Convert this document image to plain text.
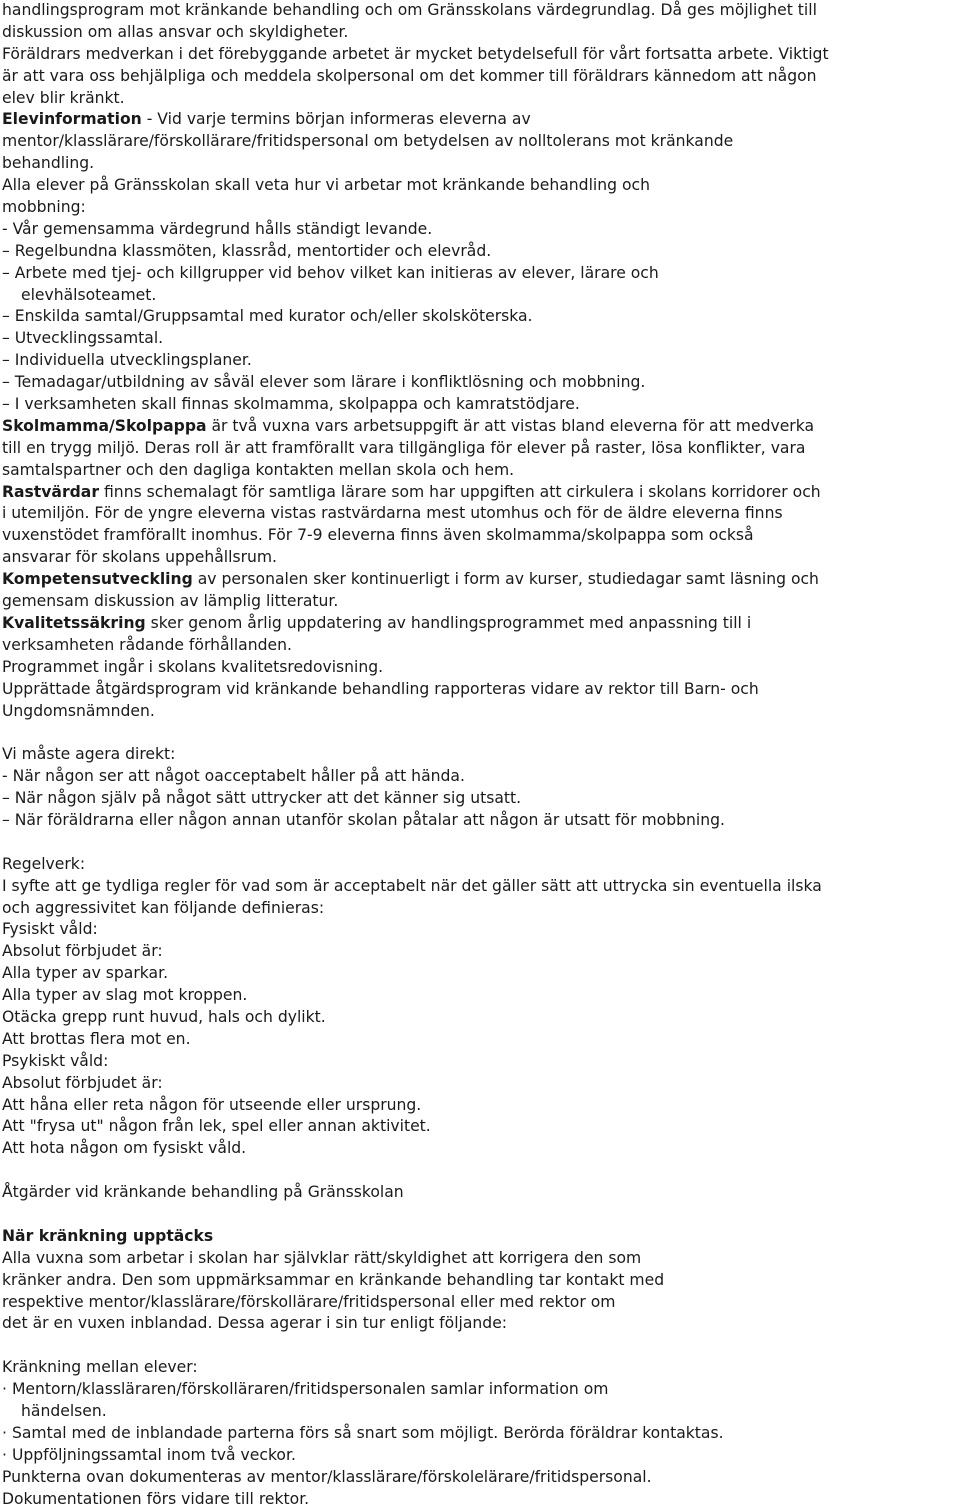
handlingsprogram mot kränkande behandling och om Gränsskolans värdegrundlag. Då ges möjlighet till
diskussion om allas ansvar och skyldigheter.
Föräldrars medverkan i det förebyggande arbetet är mycket betydelsefull för vårt fortsatta arbete. Viktigt
är att vara oss behjälpliga och meddela skolpersonal om det kommer till föräldrars kännedom att någon
elev blir kränkt.
Elevinformation - Vid varje termins början informeras eleverna av
mentor/klasslärare/förskollärare/fritidspersonal om betydelsen av nolltolerans mot kränkande
behandling.
Alla elever på Gränsskolan skall veta hur vi arbetar mot kränkande behandling och
mobbning:
- Vår gemensamma värdegrund hålls ständigt levande.
– Regelbundna klassmöten, klassråd, mentortider och elevråd.
– Arbete med tjej- och killgrupper vid behov vilket kan initieras av elever, lärare och
elevhälsoteamet.
– Enskilda samtal/Gruppsamtal med kurator och/eller skolsköterska.
– Utvecklingssamtal.
– Individuella utvecklingsplaner.
– Temadagar/utbildning av såväl elever som lärare i konfliktlösning och mobbning.
– I verksamheten skall finnas skolmamma, skolpappa och kamratstödjare.
Skolmamma/Skolpappa är två vuxna vars arbetsuppgift är att vistas bland eleverna för att medverka
till en trygg miljö. Deras roll är att framförallt vara tillgängliga för elever på raster, lösa konflikter, vara
samtalspartner och den dagliga kontakten mellan skola och hem.
Rastvärdar finns schemalagt för samtliga lärare som har uppgiften att cirkulera i skolans korridorer och
i utemiljön. För de yngre eleverna vistas rastvärdarna mest utomhus och för de äldre eleverna finns
vuxenstödet framförallt inomhus. För 7-9 eleverna finns även skolmamma/skolpappa som också
ansvarar för skolans uppehållsrum.
Kompetensutveckling av personalen sker kontinuerligt i form av kurser, studiedagar samt läsning och
gemensam diskussion av lämplig litteratur.
Kvalitetssäkring sker genom årlig uppdatering av handlingsprogrammet med anpassning till i
verksamheten rådande förhållanden.
Programmet ingår i skolans kvalitetsredovisning.
Upprättade åtgärdsprogram vid kränkande behandling rapporteras vidare av rektor till Barn- och
Ungdomsnämnden.
Vi måste agera direkt:
- När någon ser att något oacceptabelt håller på att hända.
– När någon själv på något sätt uttrycker att det känner sig utsatt.
– När föräldrarna eller någon annan utanför skolan påtalar att någon är utsatt för mobbning.
Regelverk:
I syfte att ge tydliga regler för vad som är acceptabelt när det gäller sätt att uttrycka sin eventuella ilska
och aggressivitet kan följande definieras:
Fysiskt våld:
Absolut förbjudet är:
Alla typer av sparkar.
Alla typer av slag mot kroppen.
Otäcka grepp runt huvud, hals och dylikt.
Att brottas flera mot en.
Psykiskt våld:
Absolut förbjudet är:
Att håna eller reta någon för utseende eller ursprung.
Att "frysa ut" någon från lek, spel eller annan aktivitet.
Att hota någon om fysiskt våld.
Åtgärder vid kränkande behandling på Gränsskolan
När kränkning upptäcks
Alla vuxna som arbetar i skolan har självklar rätt/skyldighet att korrigera den som
kränker andra. Den som uppmärksammar en kränkande behandling tar kontakt med
respektive mentor/klasslärare/förskollärare/fritidspersonal eller med rektor om
det är en vuxen inblandad. Dessa agerar i sin tur enligt följande:
Kränkning mellan elever:
· Mentorn/klassläraren/förskolläraren/fritidspersonalen samlar information om
händelsen.
· Samtal med de inblandade parterna förs så snart som möjligt. Berörda föräldrar kontaktas.
· Uppföljningssamtal inom två veckor.
Punkterna ovan dokumenteras av mentor/klasslärare/förskolelärare/fritidspersonal.
Dokumentationen förs vidare till rektor.
